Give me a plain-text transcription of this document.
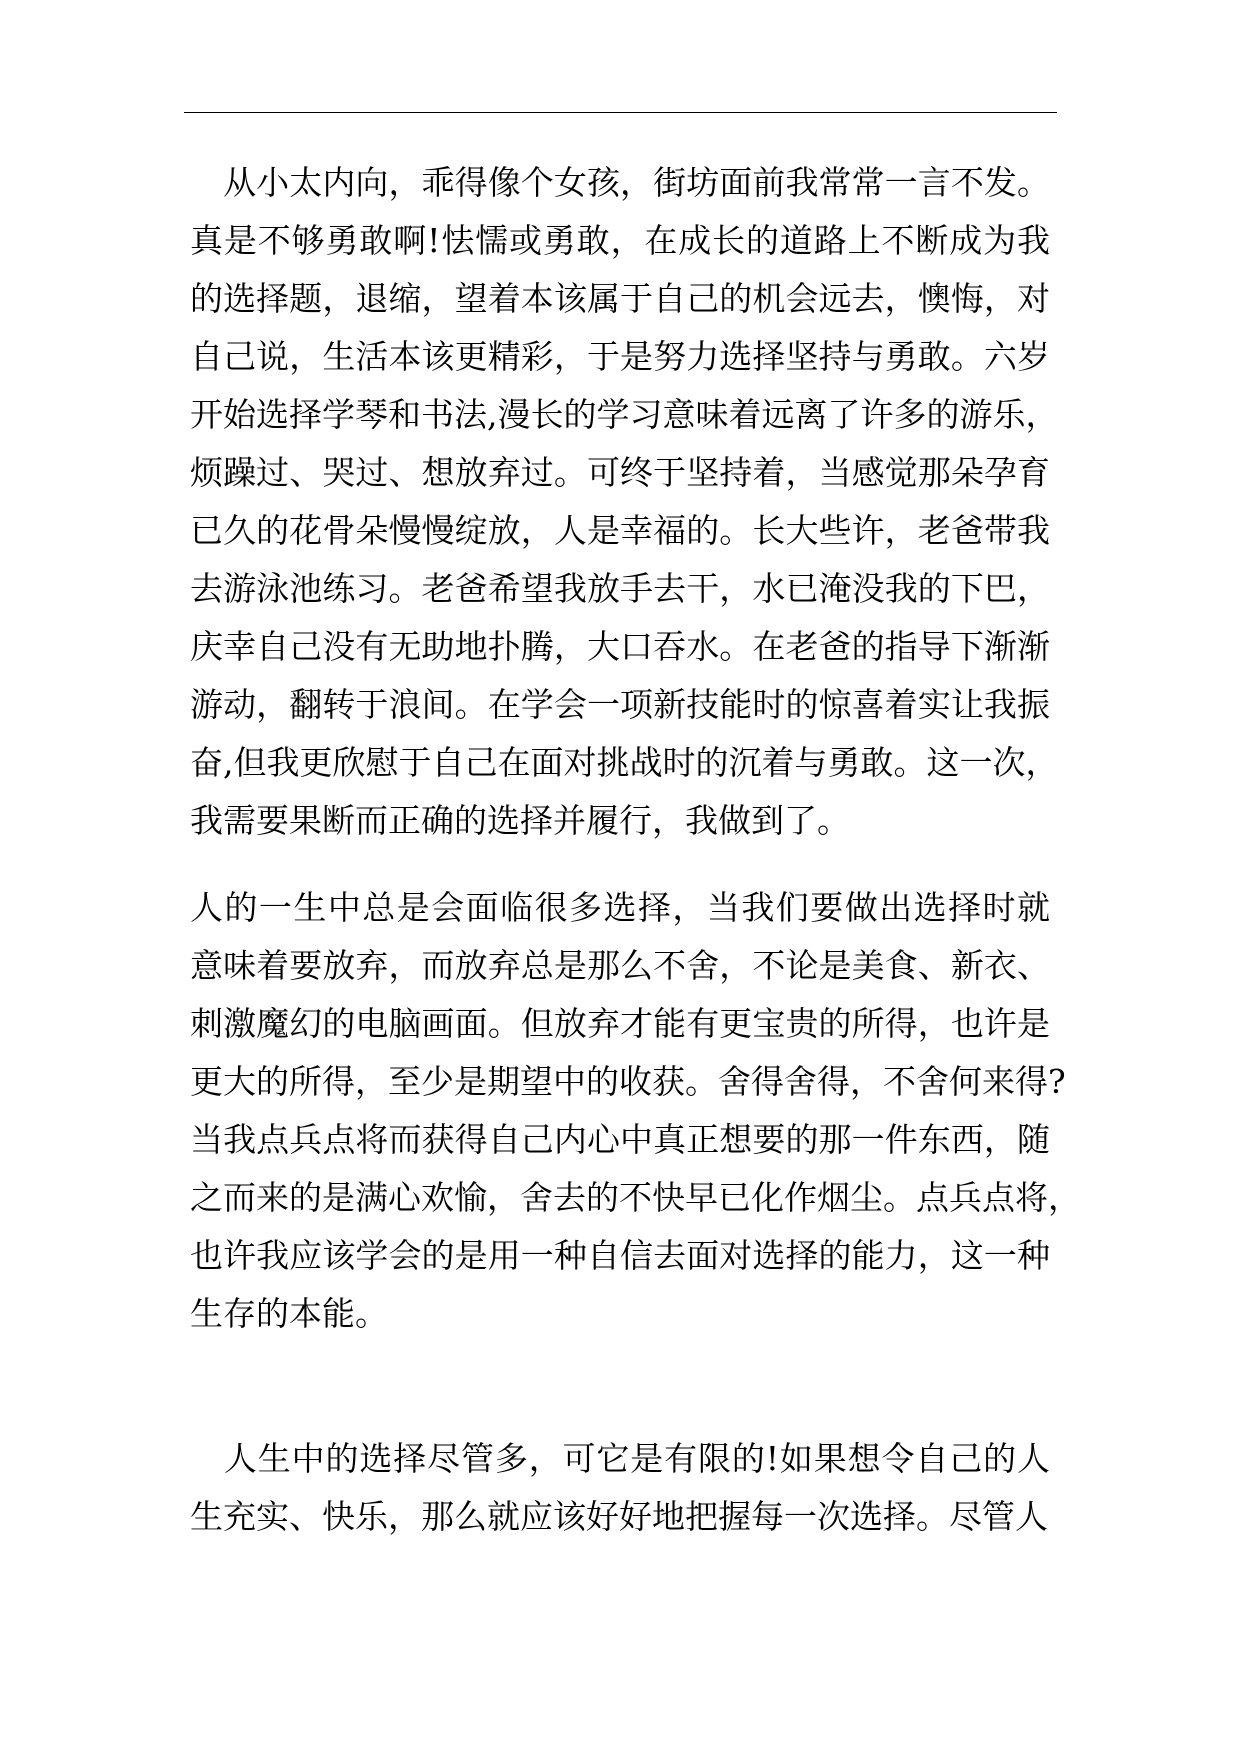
　从小太内向，乖得像个女孩，街坊面前我常常一言不发。
真是不够勇敢啊!怯懦或勇敢，在成长的道路上不断成为我
的选择题，退缩，望着本该属于自己的机会远去，懊悔，对
自己说，生活本该更精彩，于是努力选择坚持与勇敢。六岁
开始选择学琴和书法,漫长的学习意味着远离了许多的游乐，
烦躁过、哭过、想放弃过。可终于坚持着，当感觉那朵孕育
已久的花骨朵慢慢绽放，人是幸福的。长大些许，老爸带我
去游泳池练习。老爸希望我放手去干，水已淹没我的下巴，
庆幸自己没有无助地扑腾，大口吞水。在老爸的指导下渐渐
游动，翻转于浪间。在学会一项新技能时的惊喜着实让我振
奋,但我更欣慰于自己在面对挑战时的沉着与勇敢。这一次，
我需要果断而正确的选择并履行，我做到了。
人的一生中总是会面临很多选择，当我们要做出选择时就
意味着要放弃，而放弃总是那么不舍，不论是美食、新衣、
刺激魔幻的电脑画面。但放弃才能有更宝贵的所得，也许是
更大的所得，至少是期望中的收获。舍得舍得，不舍何来得?
当我点兵点将而获得自己内心中真正想要的那一件东西，随
之而来的是满心欢愉，舍去的不快早已化作烟尘。点兵点将，
也许我应该学会的是用一种自信去面对选择的能力，这一种
生存的本能。
　人生中的选择尽管多，可它是有限的!如果想令自己的人
生充实、快乐，那么就应该好好地把握每一次选择。尽管人
